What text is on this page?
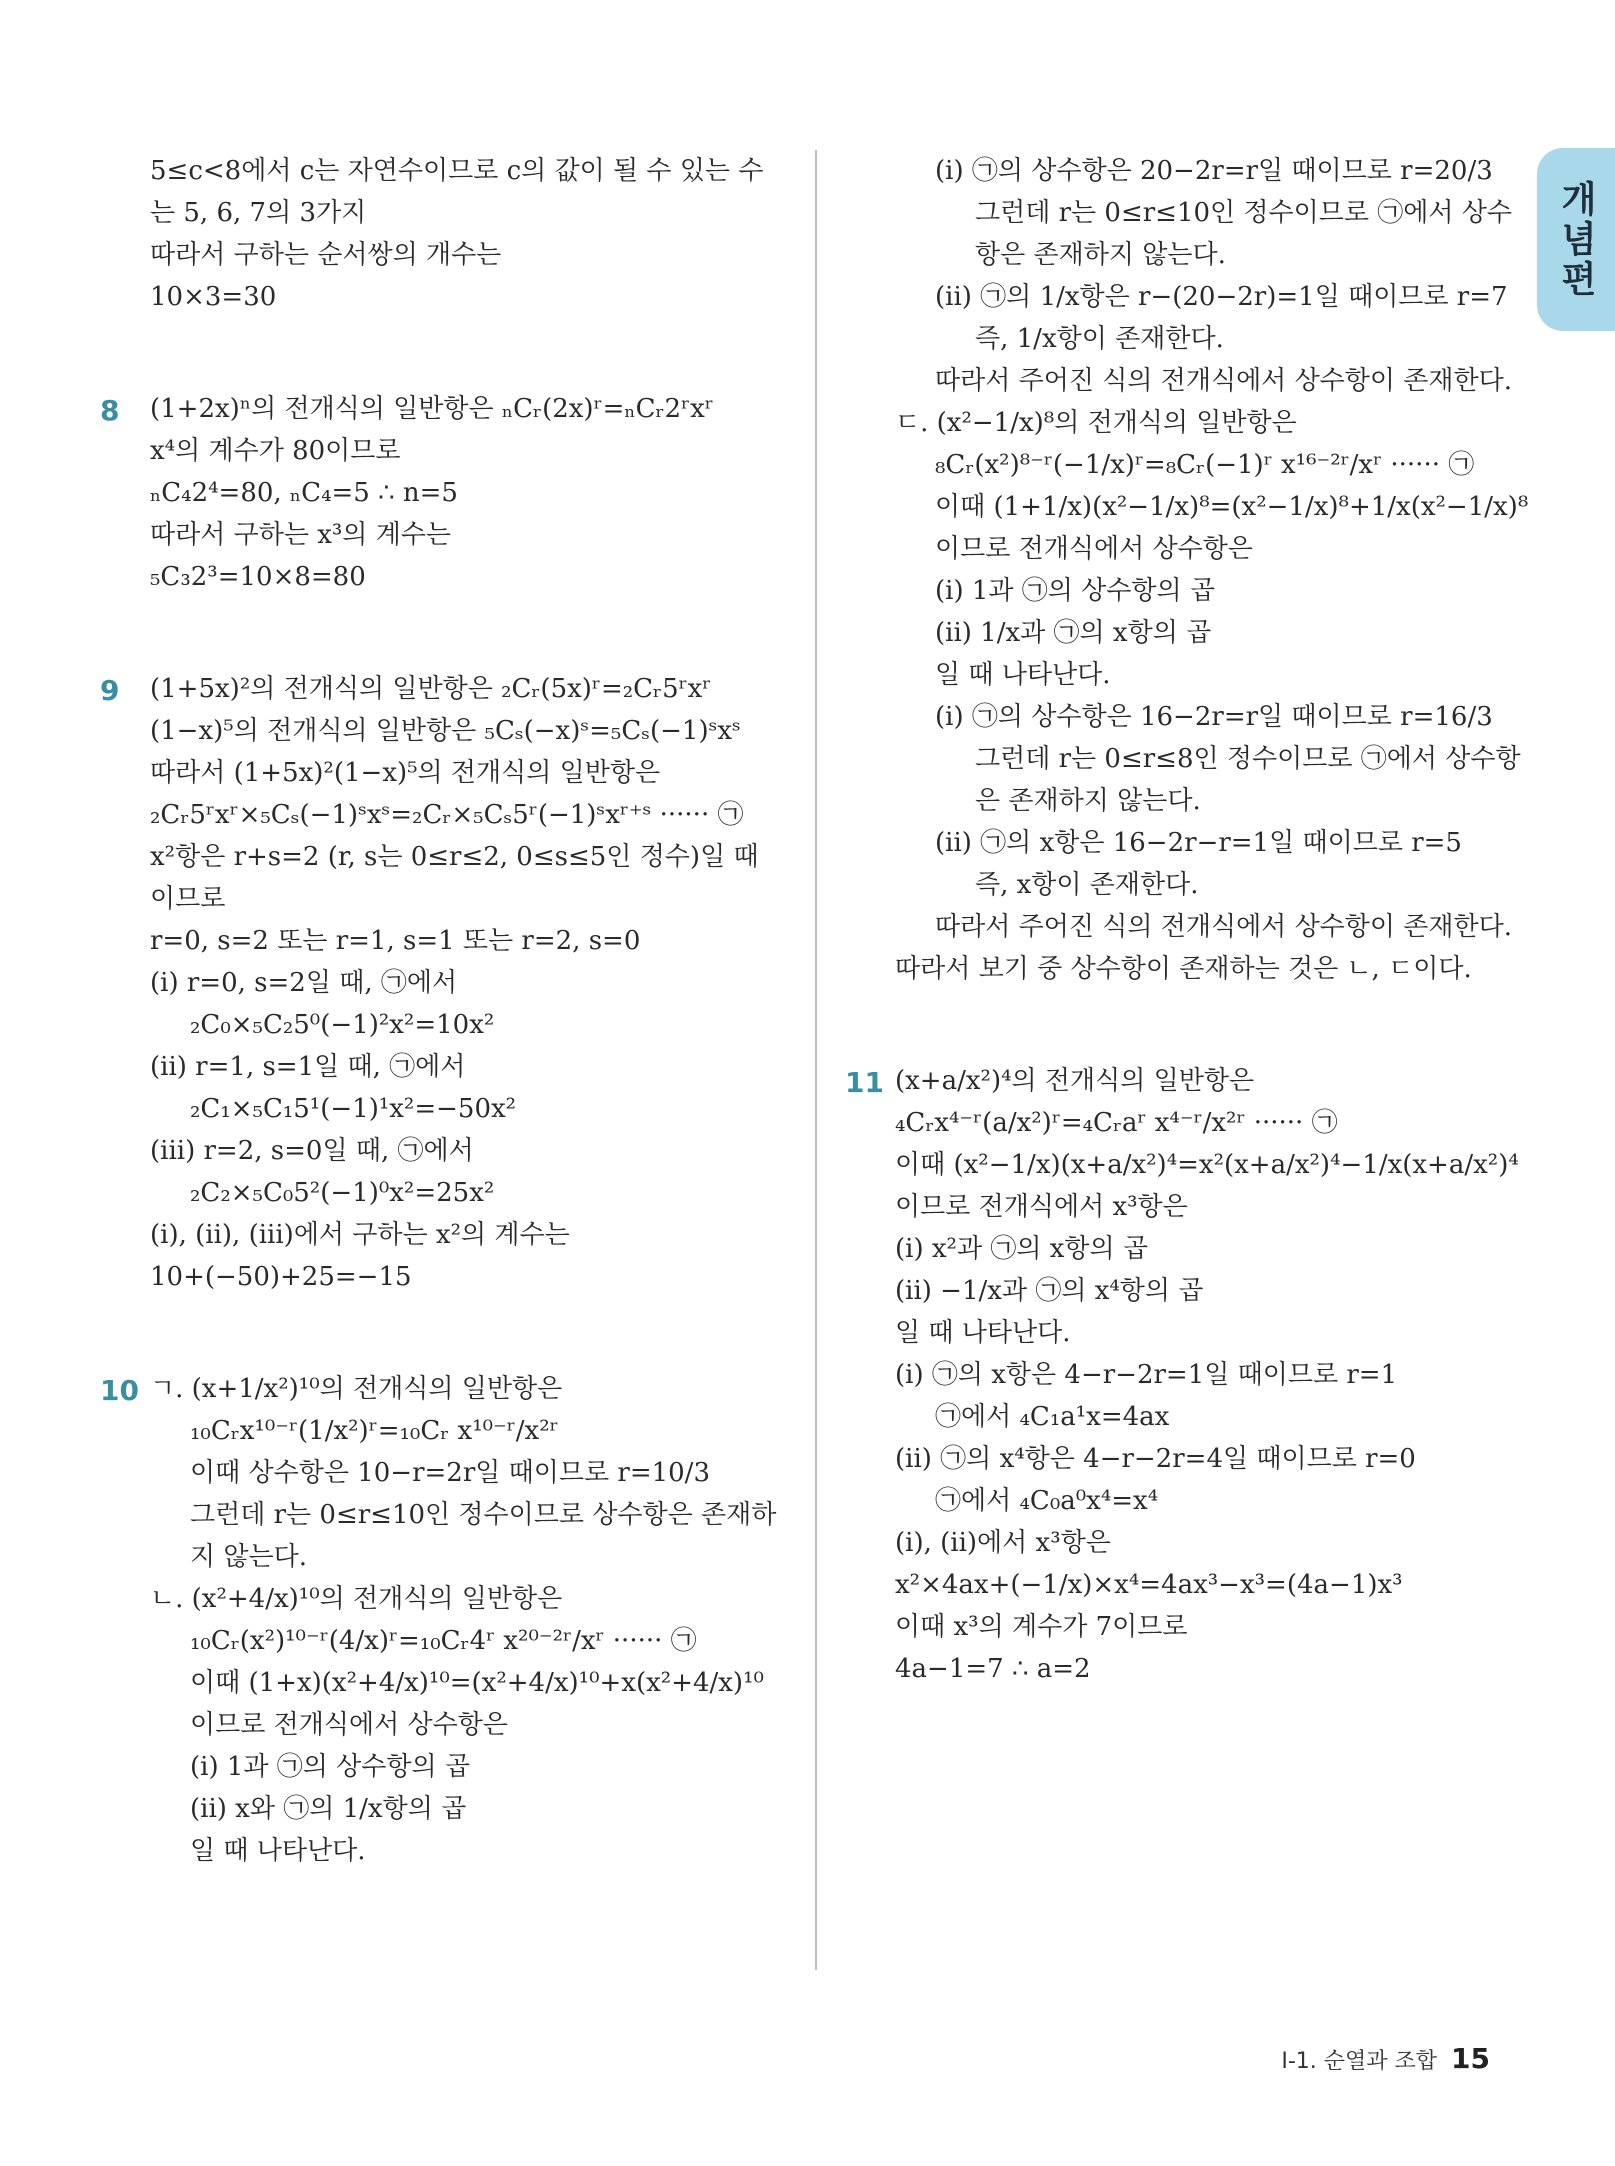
개념편
5≤c<8에서 c는 자연수이므로 c의 값이 될 수 있는 수
는 5, 6, 7의 3가지
따라서 구하는 순서쌍의 개수는
10×3=30
8 (1+2x)ⁿ의 전개식의 일반항은 ₙCᵣ(2x)ʳ=ₙCᵣ2ʳxʳ
x⁴의 계수가 80이므로
ₙC₄2⁴=80, ₙC₄=5 ∴ n=5
따라서 구하는 x³의 계수는
₅C₃2³=10×8=80
9 (1+5x)²의 전개식의 일반항은 ₂Cᵣ(5x)ʳ=₂Cᵣ5ʳxʳ
(1−x)⁵의 전개식의 일반항은 ₅Cₛ(−x)ˢ=₅Cₛ(−1)ˢxˢ
따라서 (1+5x)²(1−x)⁵의 전개식의 일반항은
₂Cᵣ5ʳxʳ×₅Cₛ(−1)ˢxˢ=₂Cᵣ×₅Cₛ5ʳ(−1)ˢxʳ⁺ˢ ······ ㉠
x²항은 r+s=2 (r, s는 0≤r≤2, 0≤s≤5인 정수)일 때
이므로
r=0, s=2 또는 r=1, s=1 또는 r=2, s=0
(i) r=0, s=2일 때, ㉠에서
₂C₀×₅C₂5⁰(−1)²x²=10x²
(ii) r=1, s=1일 때, ㉠에서
₂C₁×₅C₁5¹(−1)¹x²=−50x²
(iii) r=2, s=0일 때, ㉠에서
₂C₂×₅C₀5²(−1)⁰x²=25x²
(i), (ii), (iii)에서 구하는 x²의 계수는
10+(−50)+25=−15
10 ㄱ. (x+1/x²)¹⁰의 전개식의 일반항은
₁₀Cᵣx¹⁰⁻ʳ(1/x²)ʳ=₁₀Cᵣ x¹⁰⁻ʳ/x²ʳ
이때 상수항은 10−r=2r일 때이므로 r=10/3
그런데 r는 0≤r≤10인 정수이므로 상수항은 존재하
지 않는다.
ㄴ. (x²+4/x)¹⁰의 전개식의 일반항은
₁₀Cᵣ(x²)¹⁰⁻ʳ(4/x)ʳ=₁₀Cᵣ4ʳ x²⁰⁻²ʳ/xʳ ······ ㉠
이때 (1+x)(x²+4/x)¹⁰=(x²+4/x)¹⁰+x(x²+4/x)¹⁰
이므로 전개식에서 상수항은
(i) 1과 ㉠의 상수항의 곱
(ii) x와 ㉠의 1/x항의 곱
일 때 나타난다.
(i) ㉠의 상수항은 20−2r=r일 때이므로 r=20/3
그런데 r는 0≤r≤10인 정수이므로 ㉠에서 상수
항은 존재하지 않는다.
(ii) ㉠의 1/x항은 r−(20−2r)=1일 때이므로 r=7
즉, 1/x항이 존재한다.
따라서 주어진 식의 전개식에서 상수항이 존재한다.
ㄷ. (x²−1/x)⁸의 전개식의 일반항은
₈Cᵣ(x²)⁸⁻ʳ(−1/x)ʳ=₈Cᵣ(−1)ʳ x¹⁶⁻²ʳ/xʳ ······ ㉠
이때 (1+1/x)(x²−1/x)⁸=(x²−1/x)⁸+1/x(x²−1/x)⁸
이므로 전개식에서 상수항은
(i) 1과 ㉠의 상수항의 곱
(ii) 1/x과 ㉠의 x항의 곱
일 때 나타난다.
(i) ㉠의 상수항은 16−2r=r일 때이므로 r=16/3
그런데 r는 0≤r≤8인 정수이므로 ㉠에서 상수항
은 존재하지 않는다.
(ii) ㉠의 x항은 16−2r−r=1일 때이므로 r=5
즉, x항이 존재한다.
따라서 주어진 식의 전개식에서 상수항이 존재한다.
따라서 보기 중 상수항이 존재하는 것은 ㄴ, ㄷ이다.
11 (x+a/x²)⁴의 전개식의 일반항은
₄Cᵣx⁴⁻ʳ(a/x²)ʳ=₄Cᵣaʳ x⁴⁻ʳ/x²ʳ ······ ㉠
이때 (x²−1/x)(x+a/x²)⁴=x²(x+a/x²)⁴−1/x(x+a/x²)⁴
이므로 전개식에서 x³항은
(i) x²과 ㉠의 x항의 곱
(ii) −1/x과 ㉠의 x⁴항의 곱
일 때 나타난다.
(i) ㉠의 x항은 4−r−2r=1일 때이므로 r=1
㉠에서 ₄C₁a¹x=4ax
(ii) ㉠의 x⁴항은 4−r−2r=4일 때이므로 r=0
㉠에서 ₄C₀a⁰x⁴=x⁴
(i), (ii)에서 x³항은
x²×4ax+(−1/x)×x⁴=4ax³−x³=(4a−1)x³
이때 x³의 계수가 7이므로
4a−1=7 ∴ a=2
Ⅰ-1. 순열과 조합 15
